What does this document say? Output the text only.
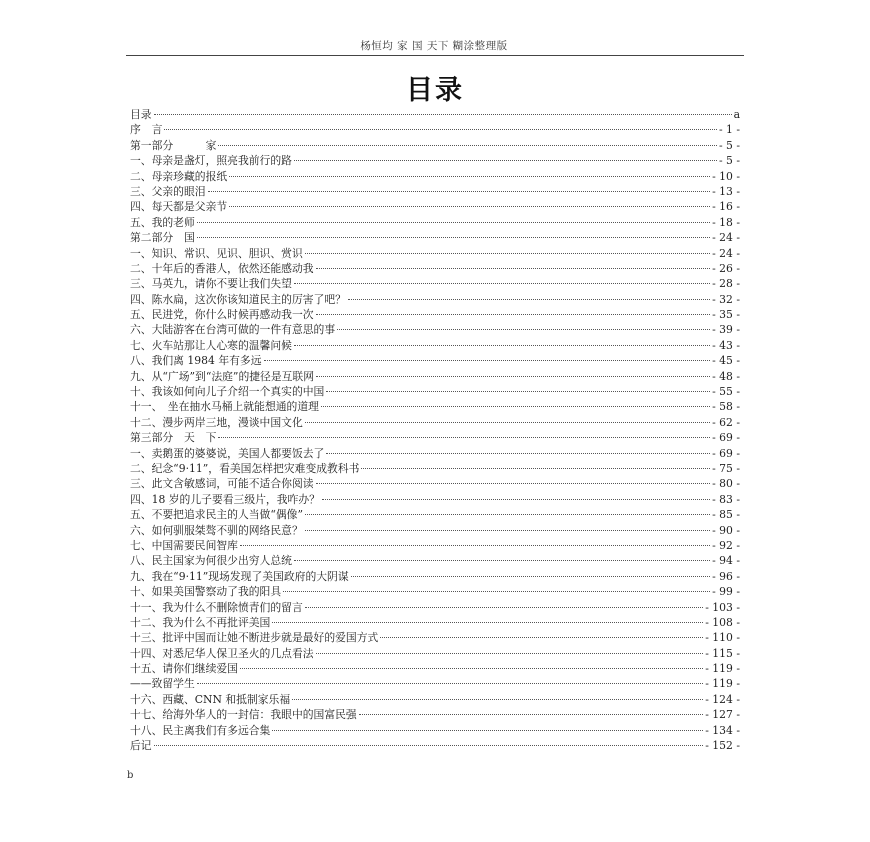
杨恒均 家 国 天下 糊涂整理版
目录
目录	a
序　言	- 1 -
第一部分　　　家	- 5 -
一、母亲是盏灯，照亮我前行的路	- 5 -
二、母亲珍藏的报纸	- 10 -
三、父亲的眼泪	- 13 -
四、每天都是父亲节	- 16 -
五、我的老师	- 18 -
第二部分　国	- 24 -
一、知识、常识、见识、胆识、赏识	- 24 -
二、十年后的香港人，依然还能感动我	- 26 -
三、马英九，请你不要让我们失望	- 28 -
四、陈水扁，这次你该知道民主的厉害了吧？	- 32 -
五、民进党，你什么时候再感动我一次	- 35 -
六、大陆游客在台湾可做的一件有意思的事	- 39 -
七、火车站那让人心寒的温馨问候	- 43 -
八、我们离 1984 年有多远	- 45 -
九、从“广场”到“法庭”的捷径是互联网	- 48 -
十、我该如何向儿子介绍一个真实的中国	- 55 -
十一、　坐在抽水马桶上就能想通的道理	- 58 -
十二、漫步两岸三地，漫谈中国文化	- 62 -
第三部分　天　下	- 69 -
一、卖鹅蛋的婆婆说，美国人都要饭去了	- 69 -
二、纪念“9·11”，看美国怎样把灾难变成教科书	- 75 -
三、此文含敏感词，可能不适合你阅读	- 80 -
四、18 岁的儿子要看三级片，我咋办？	- 83 -
五、不要把追求民主的人当做“偶像”	- 85 -
六、如何驯服桀骜不驯的网络民意？	- 90 -
七、中国需要民间智库	- 92 -
八、民主国家为何很少出穷人总统	- 94 -
九、我在“9·11”现场发现了美国政府的大阴谋	- 96 -
十、如果美国警察动了我的阳具	- 99 -
十一、我为什么不删除愤青们的留言	- 103 -
十二、我为什么不再批评美国	- 108 -
十三、批评中国而让她不断进步就是最好的爱国方式	- 110 -
十四、对悉尼华人保卫圣火的几点看法	- 115 -
十五、请你们继续爱国	- 119 -
——致留学生	- 119 -
十六、西藏、CNN 和抵制家乐福	- 124 -
十七、给海外华人的一封信：我眼中的国富民强	- 127 -
十八、民主离我们有多远合集	- 134 -
后记	- 152 -
b
